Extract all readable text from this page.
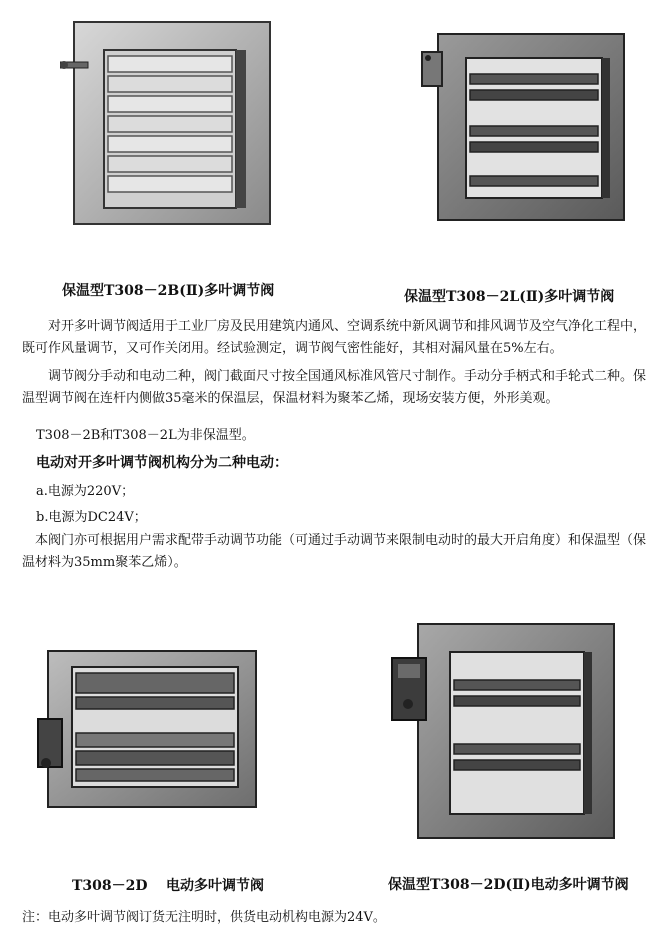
保温型T308－2B(Ⅱ)多叶调节阀	保温型T308－2L(Ⅱ)多叶调节阀
对开多叶调节阀适用于工业厂房及民用建筑内通风、空调系统中新风调节和排风调节及空气净化工程中，既可作风量调节，又可作关闭用。经试验测定，调节阀气密性能好，其相对漏风量在5%左右。
调节阀分手动和电动二种，阀门截面尺寸按全国通风标准风管尺寸制作。手动分手柄式和手轮式二种。保温型调节阀在连杆内侧做35毫米的保温层，保温材料为聚苯乙烯，现场安装方便，外形美观。
T308－2B和T308－2L为非保温型。
电动对开多叶调节阀机构分为二种电动：
a.电源为220V；
b.电源为DC24V；
本阀门亦可根据用户需求配带手动调节功能（可通过手动调节来限制电动时的最大开启角度）和保温型（保温材料为35mm聚苯乙烯）。
T308－2D 电动多叶调节阀	保温型T308－2D(Ⅱ)电动多叶调节阀
注：电动多叶调节阀订货无注明时，供货电动机构电源为24V。
